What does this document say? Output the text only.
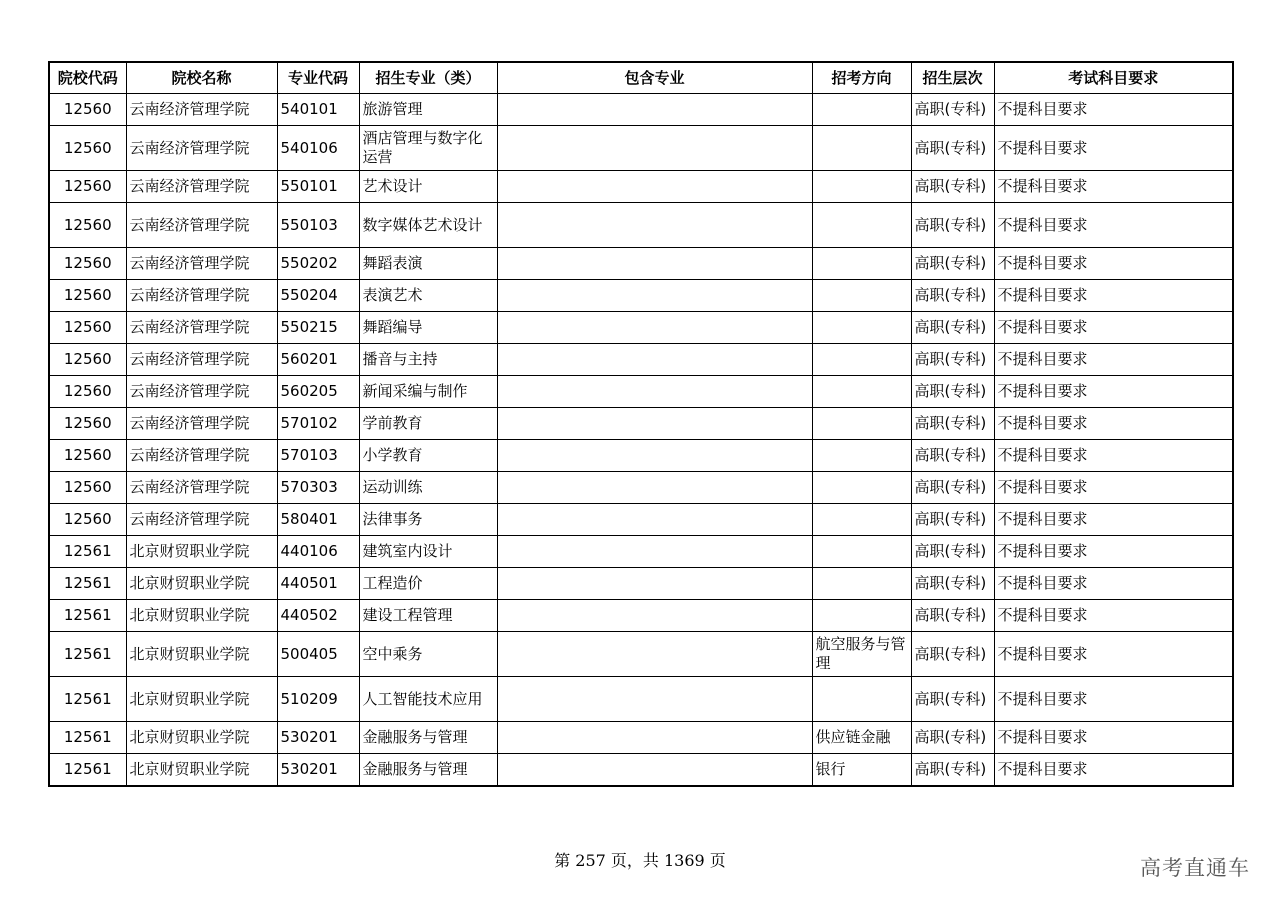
院校代码	院校名称	专业代码	招生专业（类）	包含专业	招考方向	招生层次	考试科目要求
12560	云南经济管理学院	540101	旅游管理			高职(专科)	不提科目要求
12560	云南经济管理学院	540106	酒店管理与数字化运营			高职(专科)	不提科目要求
12560	云南经济管理学院	550101	艺术设计			高职(专科)	不提科目要求
12560	云南经济管理学院	550103	数字媒体艺术设计			高职(专科)	不提科目要求
12560	云南经济管理学院	550202	舞蹈表演			高职(专科)	不提科目要求
12560	云南经济管理学院	550204	表演艺术			高职(专科)	不提科目要求
12560	云南经济管理学院	550215	舞蹈编导			高职(专科)	不提科目要求
12560	云南经济管理学院	560201	播音与主持			高职(专科)	不提科目要求
12560	云南经济管理学院	560205	新闻采编与制作			高职(专科)	不提科目要求
12560	云南经济管理学院	570102	学前教育			高职(专科)	不提科目要求
12560	云南经济管理学院	570103	小学教育			高职(专科)	不提科目要求
12560	云南经济管理学院	570303	运动训练			高职(专科)	不提科目要求
12560	云南经济管理学院	580401	法律事务			高职(专科)	不提科目要求
12561	北京财贸职业学院	440106	建筑室内设计			高职(专科)	不提科目要求
12561	北京财贸职业学院	440501	工程造价			高职(专科)	不提科目要求
12561	北京财贸职业学院	440502	建设工程管理			高职(专科)	不提科目要求
12561	北京财贸职业学院	500405	空中乘务		航空服务与管理	高职(专科)	不提科目要求
12561	北京财贸职业学院	510209	人工智能技术应用			高职(专科)	不提科目要求
12561	北京财贸职业学院	530201	金融服务与管理		供应链金融	高职(专科)	不提科目要求
12561	北京财贸职业学院	530201	金融服务与管理		银行	高职(专科)	不提科目要求
第 257 页，共 1369 页	高考直通车
